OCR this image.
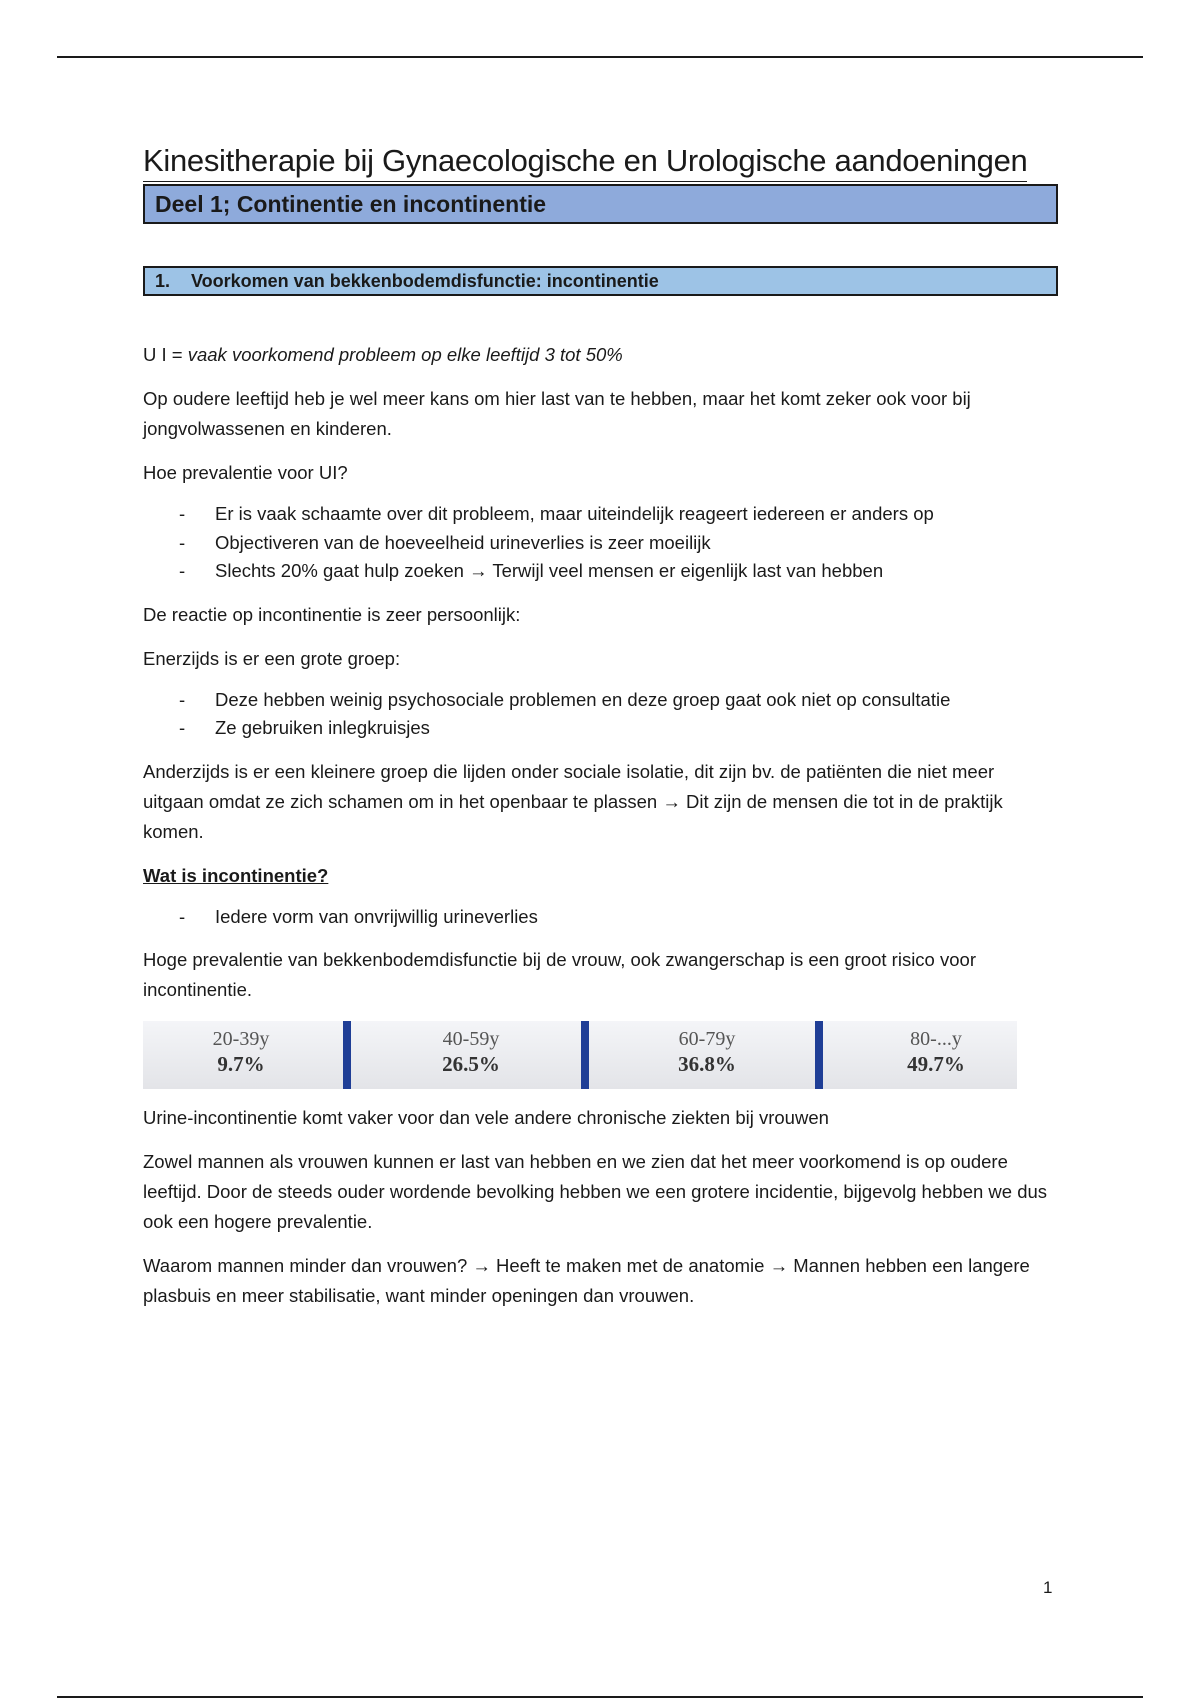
Kinesitherapie bij Gynaecologische en Urologische aandoeningen
Deel 1; Continentie en incontinentie
1. Voorkomen van bekkenbodemdisfunctie: incontinentie

U I = vaak voorkomend probleem op elke leeftijd 3 tot 50%

Op oudere leeftijd heb je wel meer kans om hier last van te hebben, maar het komt zeker ook voor bij jongvolwassenen en kinderen.

Hoe prevalentie voor UI?

- Er is vaak schaamte over dit probleem, maar uiteindelijk reageert iedereen er anders op
- Objectiveren van de hoeveelheid urineverlies is zeer moeilijk
- Slechts 20% gaat hulp zoeken → Terwijl veel mensen er eigenlijk last van hebben

De reactie op incontinentie is zeer persoonlijk:

Enerzijds is er een grote groep:

- Deze hebben weinig psychosociale problemen en deze groep gaat ook niet op consultatie
- Ze gebruiken inlegkruisjes

Anderzijds is er een kleinere groep die lijden onder sociale isolatie, dit zijn bv. de patiënten die niet meer uitgaan omdat ze zich schamen om in het openbaar te plassen → Dit zijn de mensen die tot in de praktijk komen.

Wat is incontinentie?

- Iedere vorm van onvrijwillig urineverlies

Hoge prevalentie van bekkenbodemdisfunctie bij de vrouw, ook zwangerschap is een groot risico voor incontinentie.

20-39y
9.7%
40-59y
26.5%
60-79y
36.8%
80-...y
49.7%

Urine-incontinentie komt vaker voor dan vele andere chronische ziekten bij vrouwen

Zowel mannen als vrouwen kunnen er last van hebben en we zien dat het meer voorkomend is op oudere leeftijd. Door de steeds ouder wordende bevolking hebben we een grotere incidentie, bijgevolg hebben we dus ook een hogere prevalentie.

Waarom mannen minder dan vrouwen? → Heeft te maken met de anatomie → Mannen hebben een langere plasbuis en meer stabilisatie, want minder openingen dan vrouwen.

1
